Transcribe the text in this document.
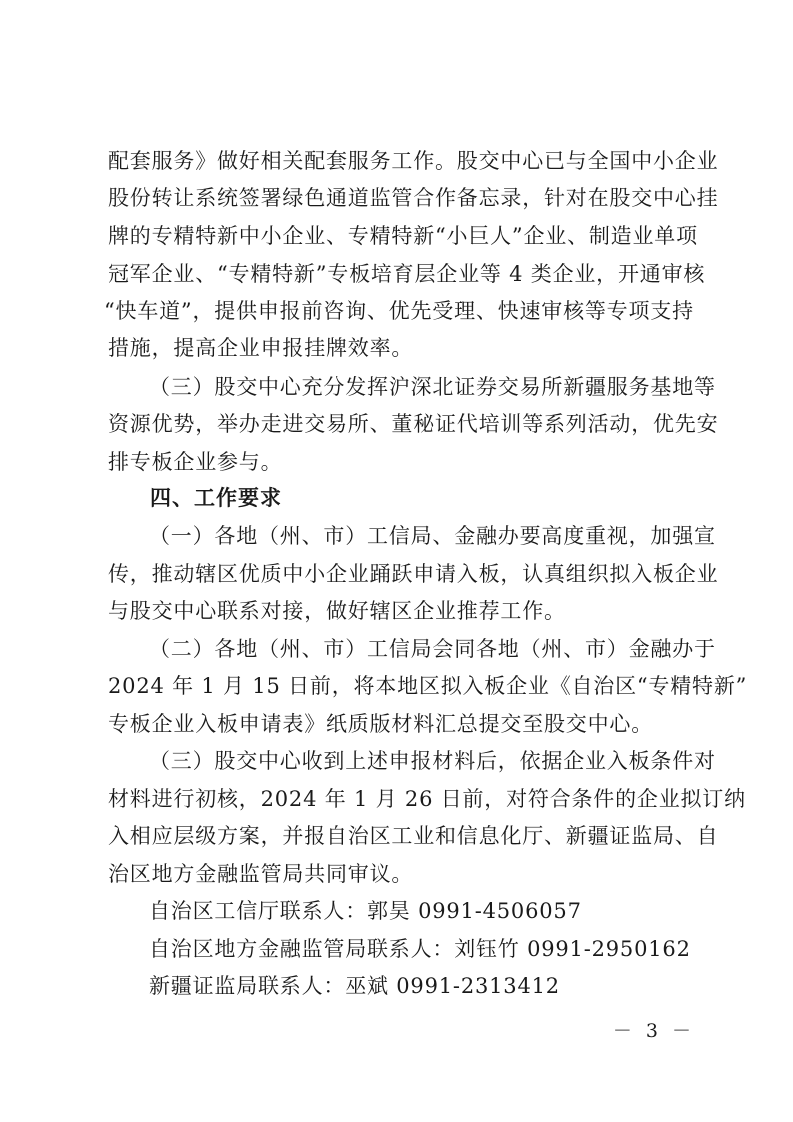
配套服务》做好相关配套服务工作。股交中心已与全国中小企业
股份转让系统签署绿色通道监管合作备忘录，针对在股交中心挂
牌的专精特新中小企业、专精特新“小巨人”企业、制造业单项
冠军企业、“专精特新”专板培育层企业等 4 类企业，开通审核
“快车道”，提供申报前咨询、优先受理、快速审核等专项支持
措施，提高企业申报挂牌效率。
（三）股交中心充分发挥沪深北证券交易所新疆服务基地等
资源优势，举办走进交易所、董秘证代培训等系列活动，优先安
排专板企业参与。
四、工作要求
（一）各地（州、市）工信局、金融办要高度重视，加强宣
传，推动辖区优质中小企业踊跃申请入板，认真组织拟入板企业
与股交中心联系对接，做好辖区企业推荐工作。
（二）各地（州、市）工信局会同各地（州、市）金融办于
2024 年 1 月 15 日前，将本地区拟入板企业《自治区“专精特新”
专板企业入板申请表》纸质版材料汇总提交至股交中心。
（三）股交中心收到上述申报材料后，依据企业入板条件对
材料进行初核，2024 年 1 月 26 日前，对符合条件的企业拟订纳
入相应层级方案，并报自治区工业和信息化厅、新疆证监局、自
治区地方金融监管局共同审议。
自治区工信厅联系人：郭昊 0991-4506057
自治区地方金融监管局联系人：刘钰竹 0991-2950162
新疆证监局联系人：巫斌 0991-2313412
－ 3 －
